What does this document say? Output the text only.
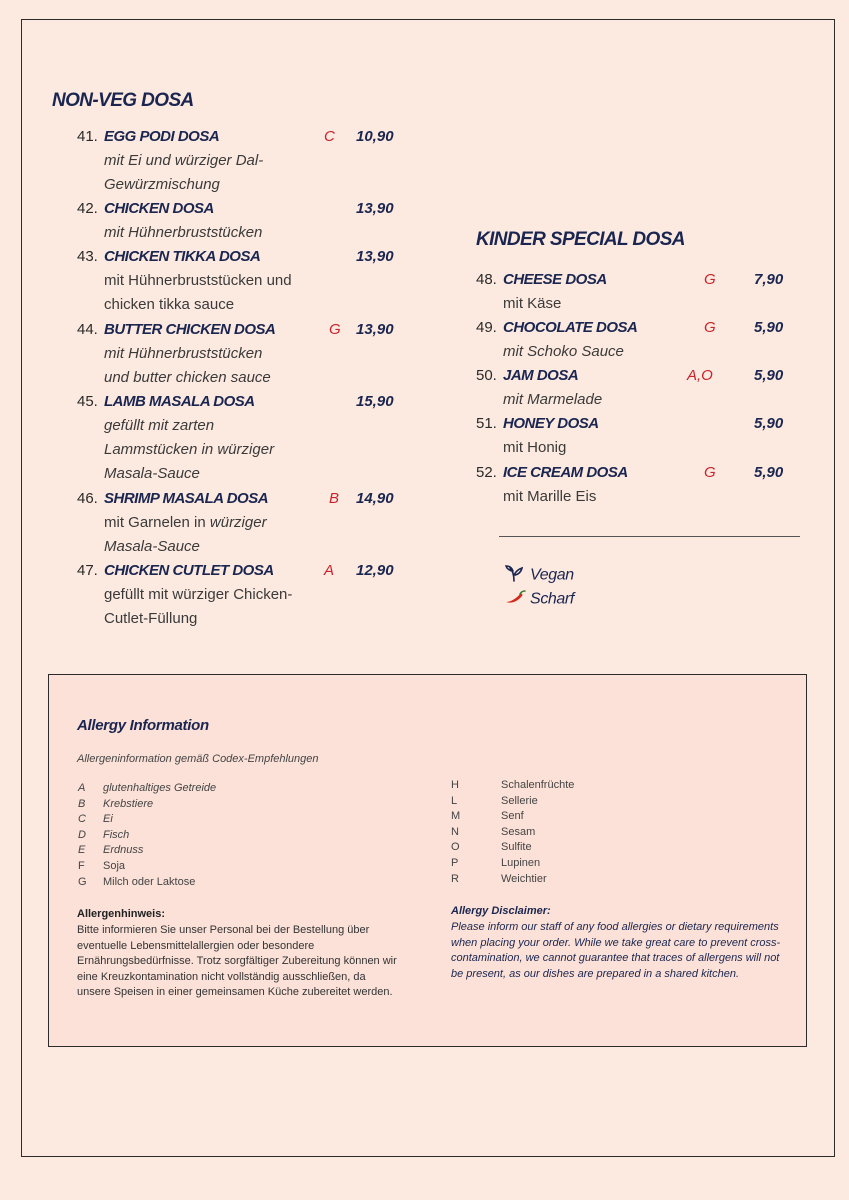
NON-VEG DOSA
41. EGG PODI DOSA	C 10,90
mit Ei und würziger Dal-
Gewürzmischung
42. CHICKEN DOSA	13,90
mit Hühnerbruststücken
43. CHICKEN TIKKA DOSA	13,90
mit Hühnerbruststücken und
chicken tikka sauce
44. BUTTER CHICKEN DOSA	G 13,90
mit Hühnerbruststücken
und butter chicken sauce
45. LAMB MASALA DOSA	15,90
gefüllt mit zarten
Lammstücken in würziger
Masala-Sauce
46. SHRIMP MASALA DOSA	B 14,90
mit Garnelen in würziger
Masala-Sauce
47. CHICKEN CUTLET DOSA	A 12,90
gefüllt mit würziger Chicken-
Cutlet-Füllung
KINDER SPECIAL DOSA
48. CHEESE DOSA	G	7,90
mit Käse
49. CHOCOLATE DOSA	G	5,90
mit Schoko Sauce
50. JAM DOSA	A,O	5,90
mit Marmelade
51. HONEY DOSA	5,90
mit Honig
52. ICE CREAM DOSA	G	5,90
mit Marille Eis
Vegan
Scharf
Allergy Information
Allergeninformation gemäß Codex-Empfehlungen
A glutenhaltiges Getreide
B Krebstiere
C Ei
D Fisch
E Erdnuss
F Soja
G Milch oder Laktose
H	Schalenfrüchte
L	Sellerie
M	Senf
N	Sesam
O	Sulfite
P	Lupinen
R	Weichtier
Allergenhinweis:
Bitte informieren Sie unser Personal bei der Bestellung über eventuelle Lebensmittelallergien oder besondere Ernährungsbedürfnisse. Trotz sorgfältiger Zubereitung können wir eine Kreuzkontamination nicht vollständig ausschließen, da unsere Speisen in einer gemeinsamen Küche zubereitet werden.
Allergy Disclaimer:
Please inform our staff of any food allergies or dietary requirements when placing your order. While we take great care to prevent cross-contamination, we cannot guarantee that traces of allergens will not be present, as our dishes are prepared in a shared kitchen.
